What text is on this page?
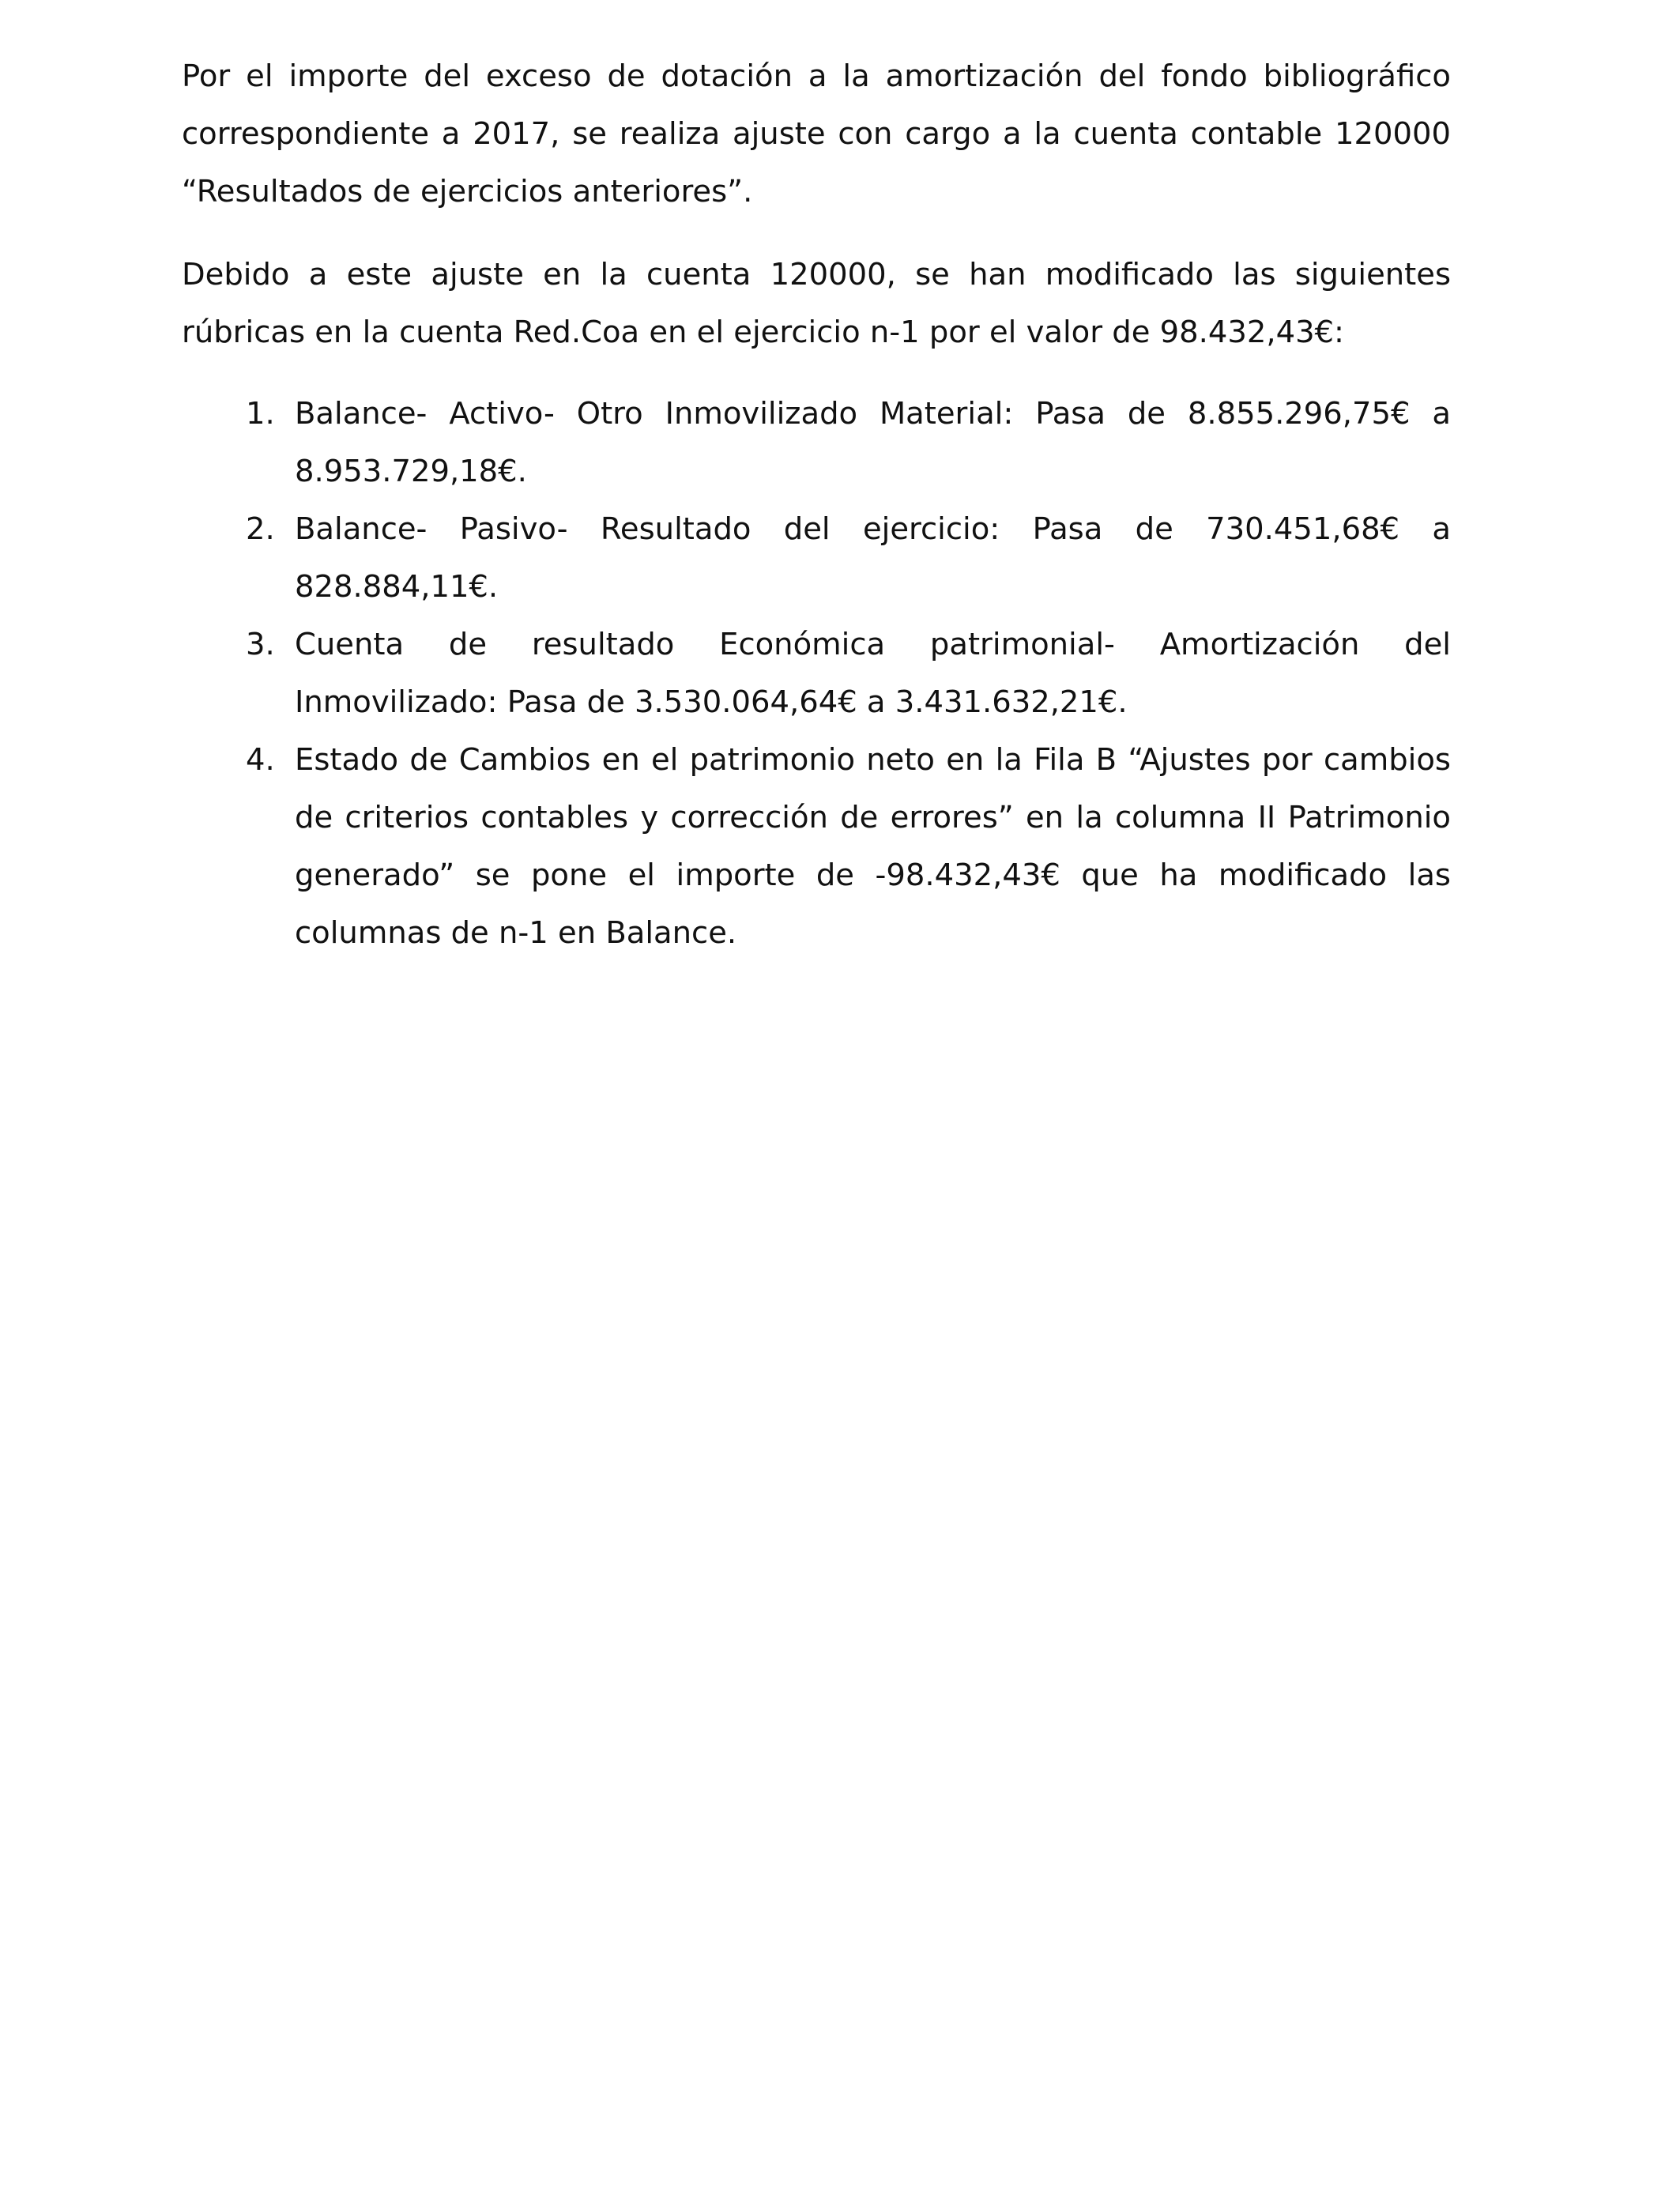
Por el importe del exceso de dotación a la amortización del fondo bibliográfico correspondiente a 2017, se realiza ajuste con cargo a la cuenta contable 120000 “Resultados de ejercicios anteriores”.

Debido a este ajuste en la cuenta 120000, se han modificado las siguientes rúbricas en la cuenta Red.Coa en el ejercicio n-1 por el valor de 98.432,43€:

1. Balance- Activo- Otro Inmovilizado Material: Pasa de 8.855.296,75€ a 8.953.729,18€.
2. Balance- Pasivo- Resultado del ejercicio: Pasa de 730.451,68€ a 828.884,11€.
3. Cuenta de resultado Económica patrimonial- Amortización del Inmovilizado: Pasa de 3.530.064,64€ a 3.431.632,21€.
4. Estado de Cambios en el patrimonio neto en la Fila B “Ajustes por cambios de criterios contables y corrección de errores” en la columna II Patrimonio generado” se pone el importe de -98.432,43€ que ha modificado las columnas de n-1 en Balance.
